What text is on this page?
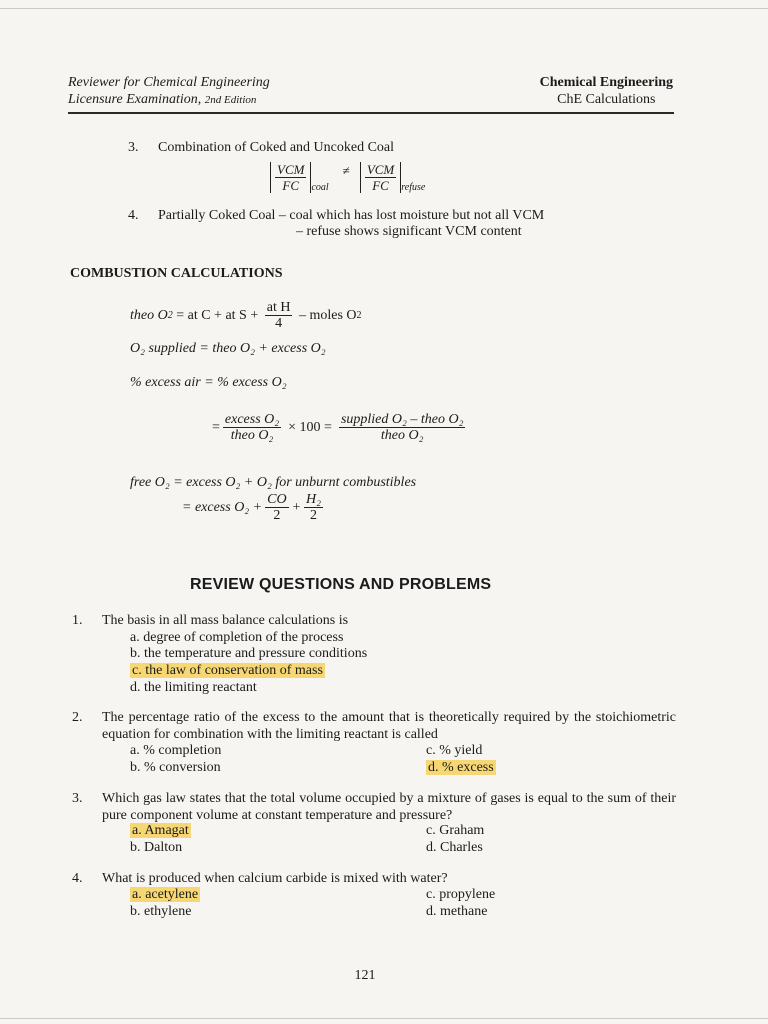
Reviewer for Chemical Engineering
Licensure Examination, 2nd Edition
Chemical Engineering
ChE Calculations
3. Combination of Coked and Uncoked Coal
$\frac{\text{VCM}}{FC}$ coal
≠ $\frac{\text{VCM}}{FC}$ refuse
4. Partially Coked Coal – coal which has lost moisture but not all VCM
– refuse shows significant VCM content
COMBUSTION CALCULATIONS
theo O 2 = at C + at $S + \frac{\text{at H}}{4}$ – moles O 2
O₂ supplied = theo O₂ + excess O₂
% excess air = % excess O₂
= $\frac{\text{excess O₂}}{\text{theo O₂}} \times 100 = \frac{\text{supplied O₂ – theo O₂}}{\text{theo O₂}}$
free O₂ = excess O₂ + O₂ for unburnt combustibles
= excess $O_2 + \frac{CO}{2} + \frac{\text{H₂}}{2}$
REVIEW QUESTIONS AND PROBLEMS
1. The basis in all mass balance calculations is
a. degree of completion of the process
b. the temperature and pressure conditions
c. the law of conservation of mass
d. the limiting reactant
2.	The percentage ratio of the excess to the amount that is theoretically required by the stoichiometric equation for combination with the limiting reactant is called
a. % completion	c. % yield
b. % conversion	d. % excess
3.	Which gas law states that the total volume occupied by a mixture of gases is equal to the sum of their pure component volume at constant temperature and pressure?
a. Amagat	c. Graham
b. Dalton	d. Charles
4. What is produced when calcium carbide is mixed with water?
a. acetylene	c. propylene
b. ethylene	d. methane
121
